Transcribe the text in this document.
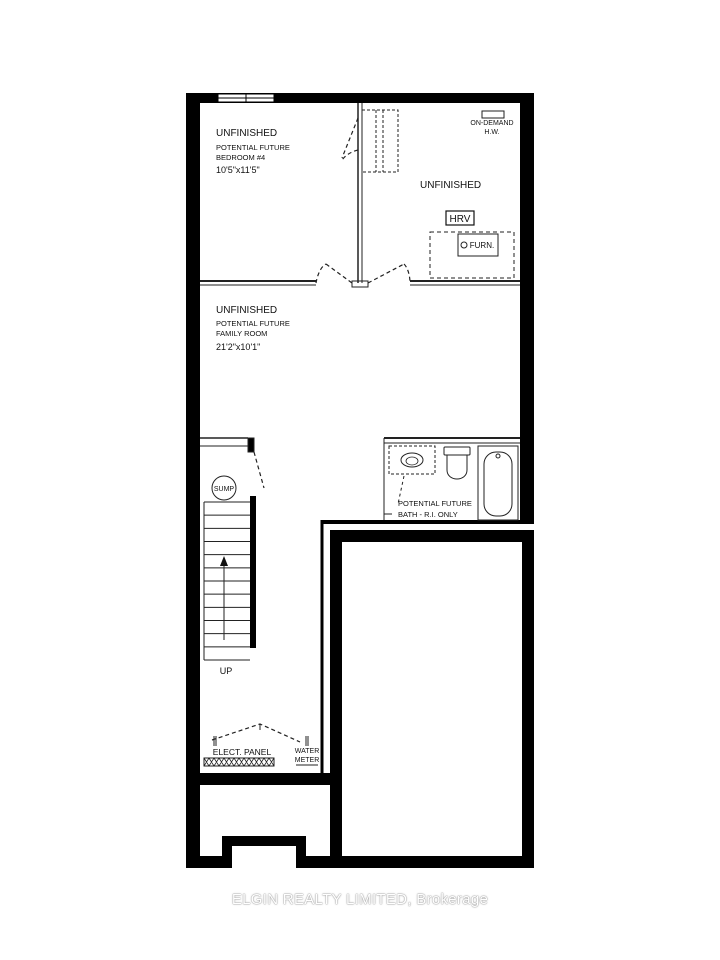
ON-DEMAND
H.W.
HRV
FURN.
UP
SUMP
ELECT. PANEL	WATER
METER
UNFINISHED
POTENTIAL FUTURE
BEDROOM #4
10'5"x11'5"
UNFINISHED
UNFINISHED
POTENTIAL FUTURE
FAMILY ROOM
21'2"x10'1"
POTENTIAL FUTURE
BATH - R.I. ONLY
ELGIN REALTY LIMITED, Brokerage
